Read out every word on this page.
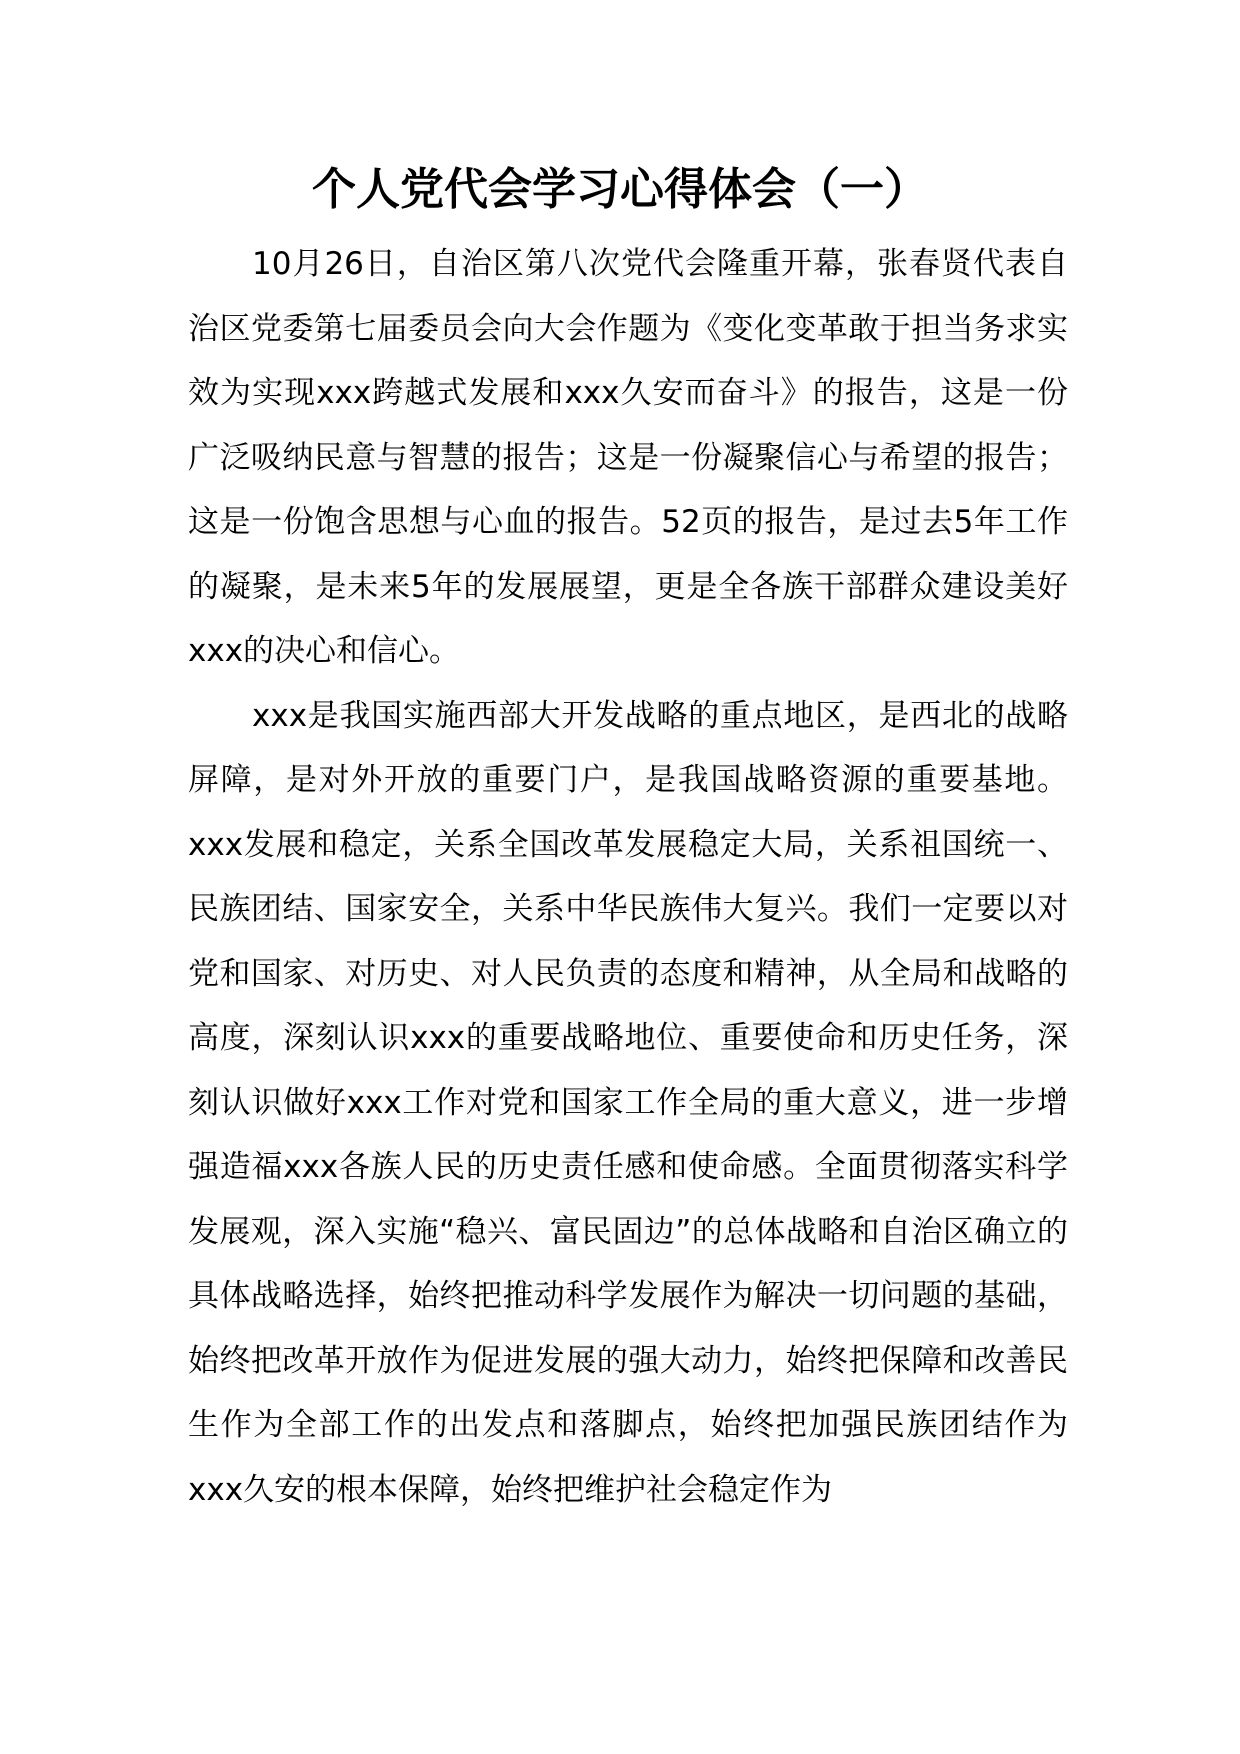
个人党代会学习心得体会（一）

10月26日，自治区第八次党代会隆重开幕，张春贤代表自治区党委第七届委员会向大会作题为《变化变革敢于担当务求实效为实现xxx跨越式发展和xxx久安而奋斗》的报告，这是一份广泛吸纳民意与智慧的报告；这是一份凝聚信心与希望的报告；这是一份饱含思想与心血的报告。52页的报告，是过去5年工作的凝聚，是未来5年的发展展望，更是全各族干部群众建设美好xxx的决心和信心。

xxx是我国实施西部大开发战略的重点地区，是西北的战略屏障，是对外开放的重要门户，是我国战略资源的重要基地。xxx发展和稳定，关系全国改革发展稳定大局，关系祖国统一、民族团结、国家安全，关系中华民族伟大复兴。我们一定要以对党和国家、对历史、对人民负责的态度和精神，从全局和战略的高度，深刻认识xxx的重要战略地位、重要使命和历史任务，深刻认识做好xxx工作对党和国家工作全局的重大意义，进一步增强造福xxx各族人民的历史责任感和使命感。全面贯彻落实科学发展观，深入实施“稳兴、富民固边”的总体战略和自治区确立的具体战略选择，始终把推动科学发展作为解决一切问题的基础，始终把改革开放作为促进发展的强大动力，始终把保障和改善民生作为全部工作的出发点和落脚点，始终把加强民族团结作为xxx久安的根本保障，始终把维护社会稳定作为
